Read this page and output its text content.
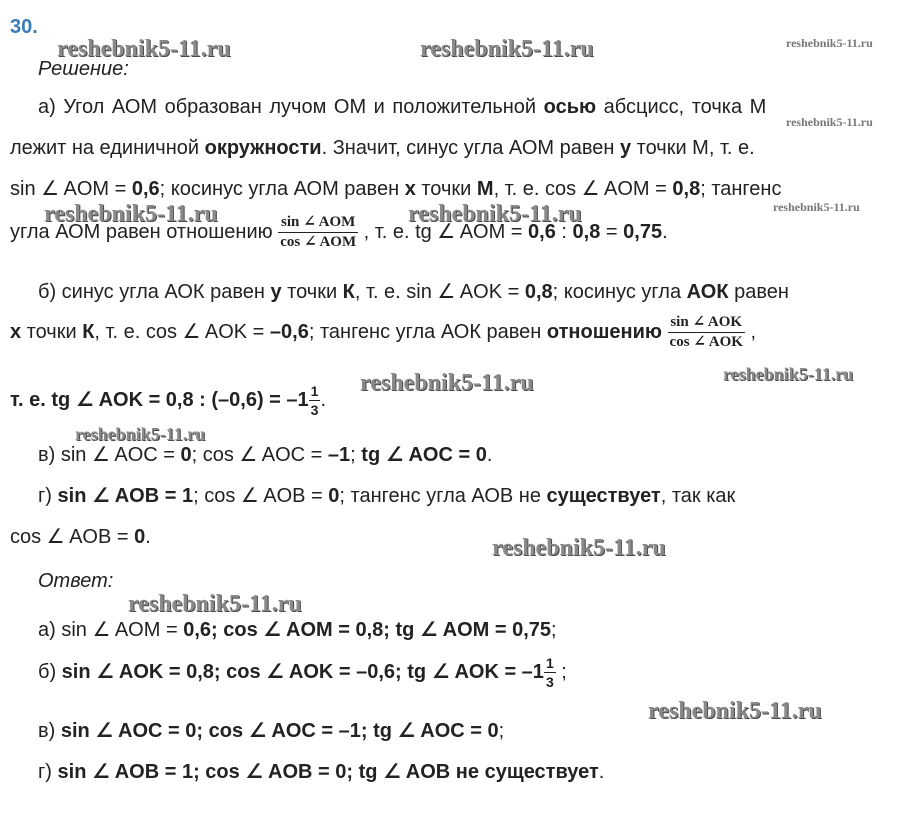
30.
reshebnik5-11.ru	reshebnik5-11.ru	reshebnik5-11.ru
reshebnik5-11.ru
reshebnik5-11.ru	reshebnik5-11.ru	reshebnik5-11.ru
reshebnik5-11.ru	reshebnik5-11.ru
reshebnik5-11.ru
reshebnik5-11.ru
reshebnik5-11.ru
reshebnik5-11.ru
Решение:
а) Угол АОМ образован лучом ОМ и положительной осью абсцисс, точка М
лежит на единичной окружности. Значит, синус угла АОМ равен у точки М, т. е.
sin ∠ AOM = 0,6; косинус угла АОМ равен х точки М, т. е. cos ∠ AOM = 0,8; тангенс
угла АОМ равен отношению $\frac{\text{sin ∠ AOM}}{\text{cos ∠ AOM}}$ , т. е. tg ∠ AOM = 0,6 : 0,8 = 0,75.
б) синус угла АОК равен у точки К, т. е. sin ∠ AOK = 0,8; косинус угла АОК равен
х точки К, т. е. cos ∠ AOK = –0,6; тангенс угла АОК равен отношению $\frac{\text{sin ∠ AOK}}{\text{cos ∠ AOK}}$ ,
т. е. tg ∠ AOK = 0,8 : $(-0,6) = -1 \frac{1}{3}$ .
в) sin ∠ AOC = 0; cos ∠ AOC = –1; tg ∠ AOC = 0.
г) sin ∠ AOB = 1; cos ∠ AOB = 0; тангенс угла АОВ не существует, так как
cos ∠ AOB = 0.
Ответ:
а) sin ∠ AOM = 0,6; cos ∠ AOM = 0,8; tg ∠ AOM = 0,75;
б) sin ∠ AOK = 0,8; cos ∠ AOK = –0,6; tg ∠ AOK = $-1 \frac{1}{3}$ ;
в) sin ∠ AOC = 0; cos ∠ AOC = –1; tg ∠ AOC = 0;
г) sin ∠ AOB = 1; cos ∠ AOB = 0; tg ∠ AOB не существует.
